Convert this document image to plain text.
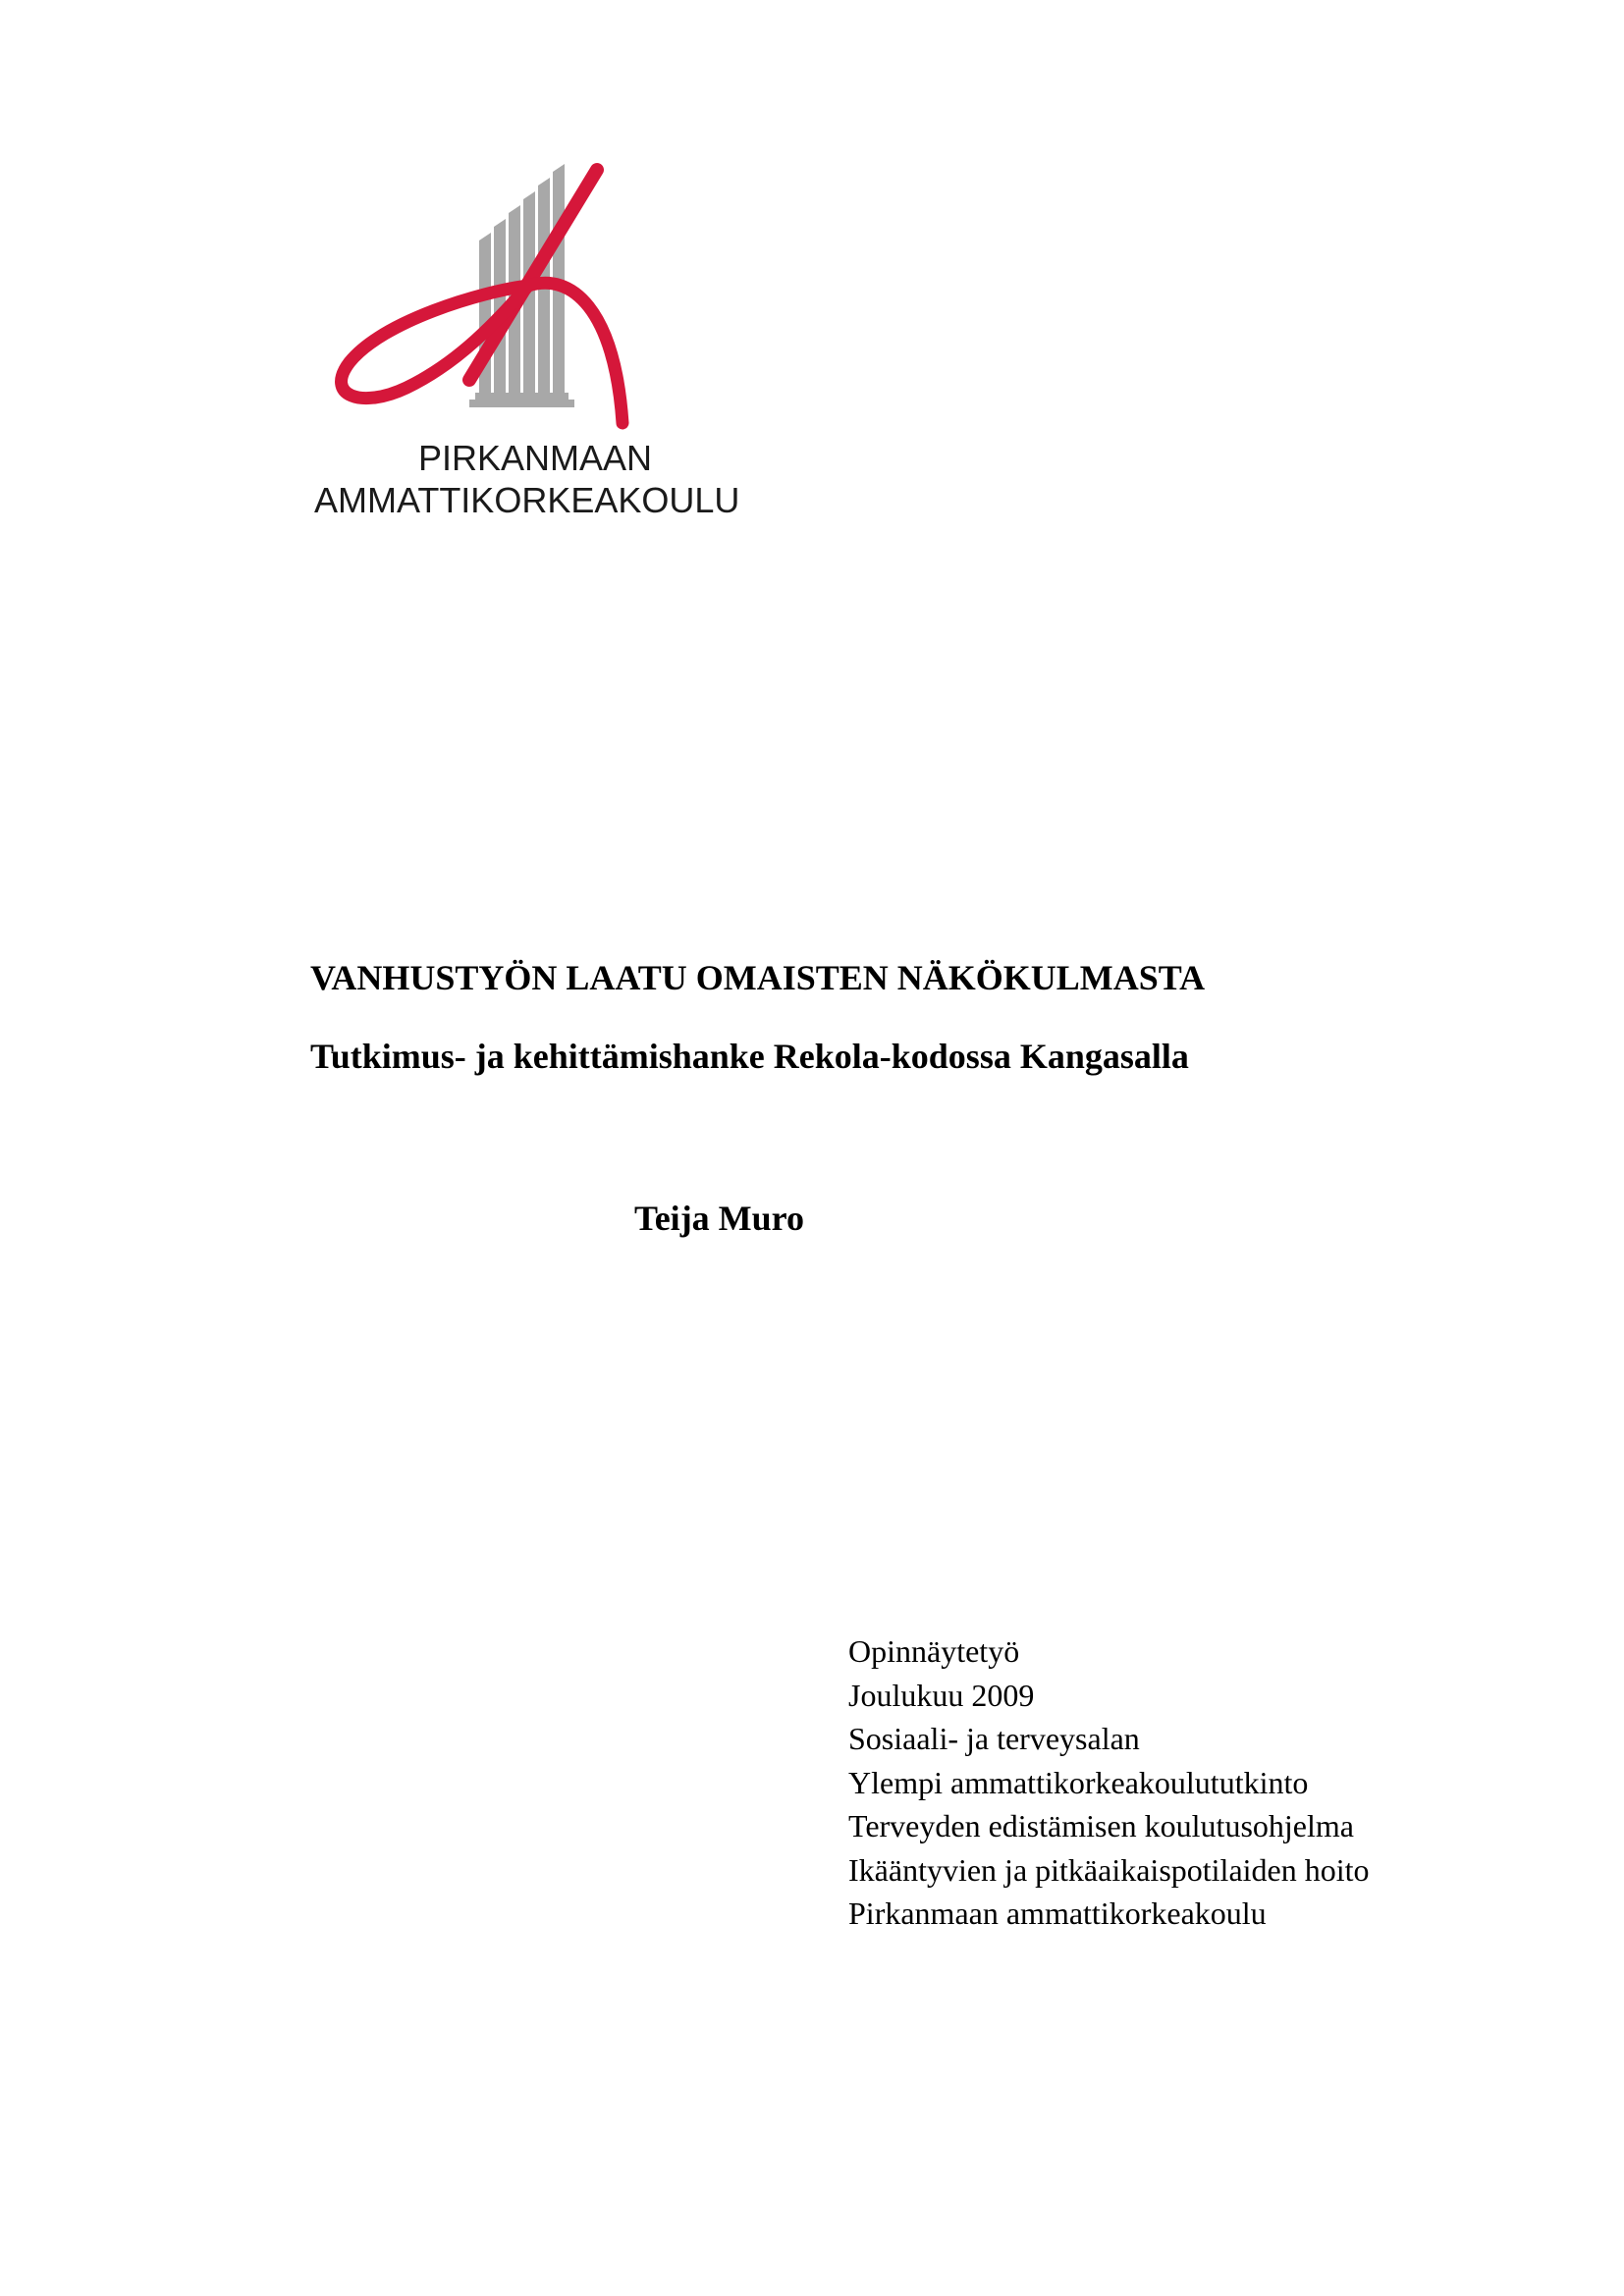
PIRKANMAAN
AMMATTIKORKEAKOULU
VANHUSTYÖN LAATU OMAISTEN NÄKÖKULMASTA
Tutkimus- ja kehittämishanke Rekola-kodossa Kangasalla
Teija Muro
Opinnäytetyö
Joulukuu 2009
Sosiaali- ja terveysalan
Ylempi ammattikorkeakoulututkinto
Terveyden edistämisen koulutusohjelma
Ikääntyvien ja pitkäaikaispotilaiden hoito
Pirkanmaan ammattikorkeakoulu
